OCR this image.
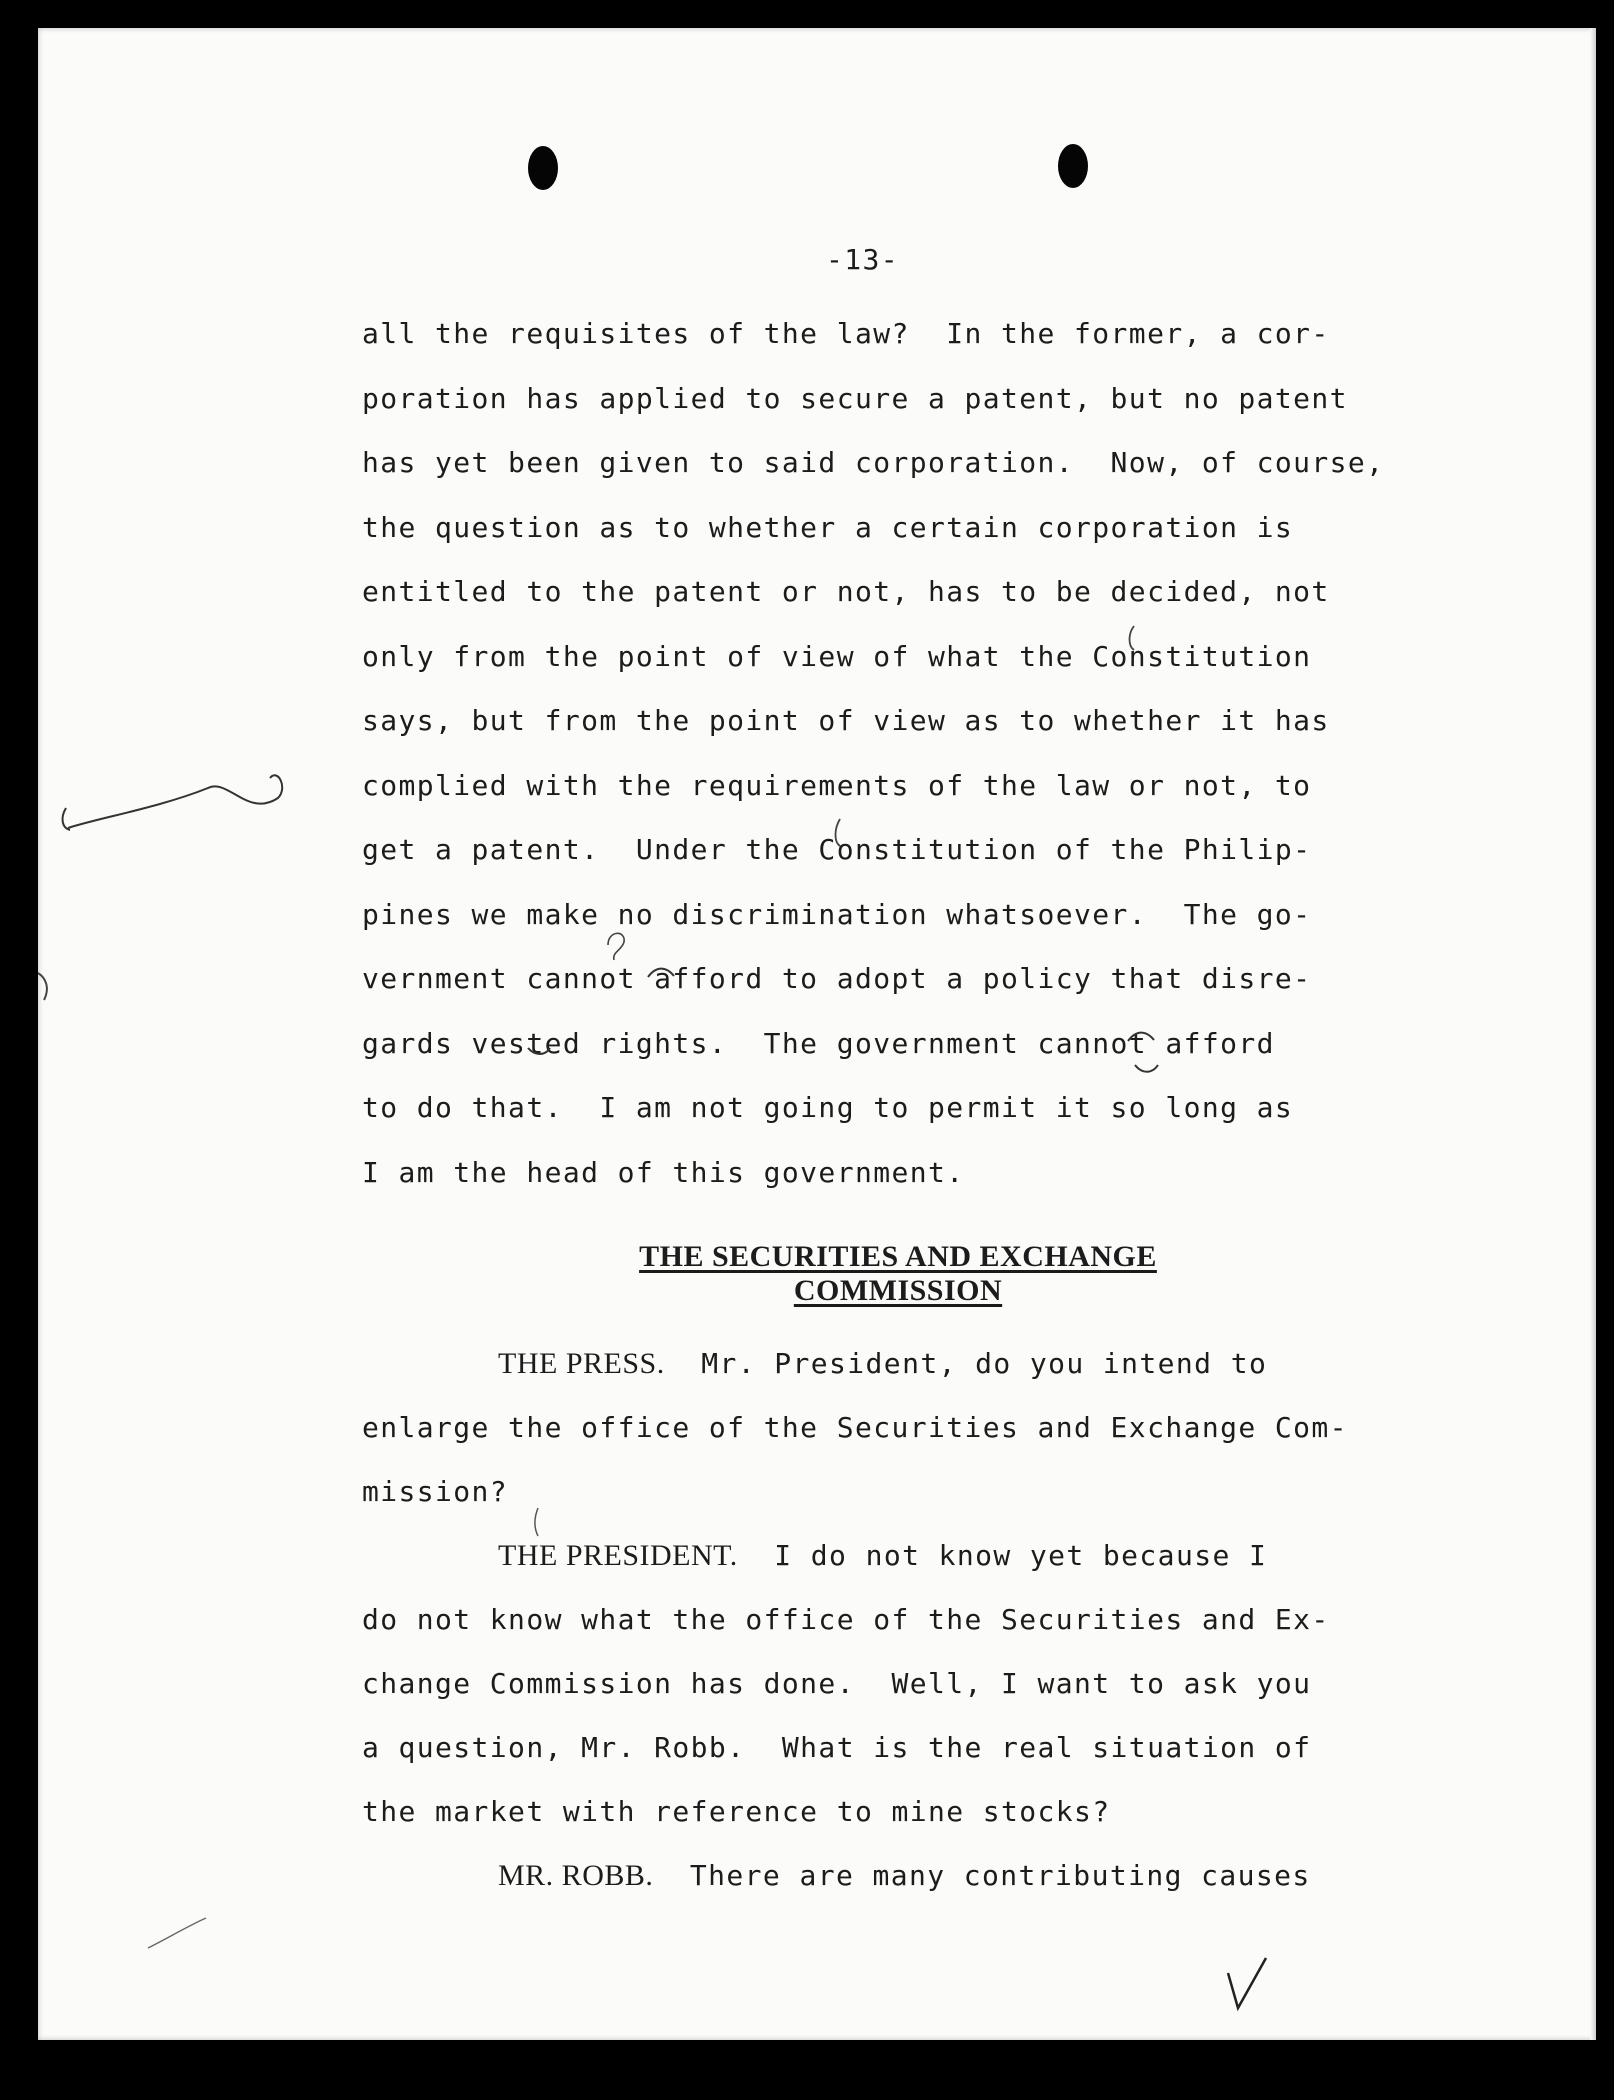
-13-
all the requisites of the law?  In the former, a cor-
poration has applied to secure a patent, but no patent
has yet been given to said corporation.  Now, of course,
the question as to whether a certain corporation is
entitled to the patent or not, has to be decided, not
only from the point of view of what the Constitution
says, but from the point of view as to whether it has
complied with the requirements of the law or not, to
get a patent.  Under the Constitution of the Philip-
pines we make no discrimination whatsoever.  The go-
vernment cannot afford to adopt a policy that disre-
gards vested rights.  The government cannot afford
to do that.  I am not going to permit it so long as
I am the head of this government.
THE SECURITIES AND EXCHANGE
COMMISSION
THE PRESS.  Mr. President, do you intend to
enlarge the office of the Securities and Exchange Com-
mission?
THE PRESIDENT.  I do not know yet because I
do not know what the office of the Securities and Ex-
change Commission has done.  Well, I want to ask you
a question, Mr. Robb.  What is the real situation of
the market with reference to mine stocks?
MR. ROBB.  There are many contributing causes
